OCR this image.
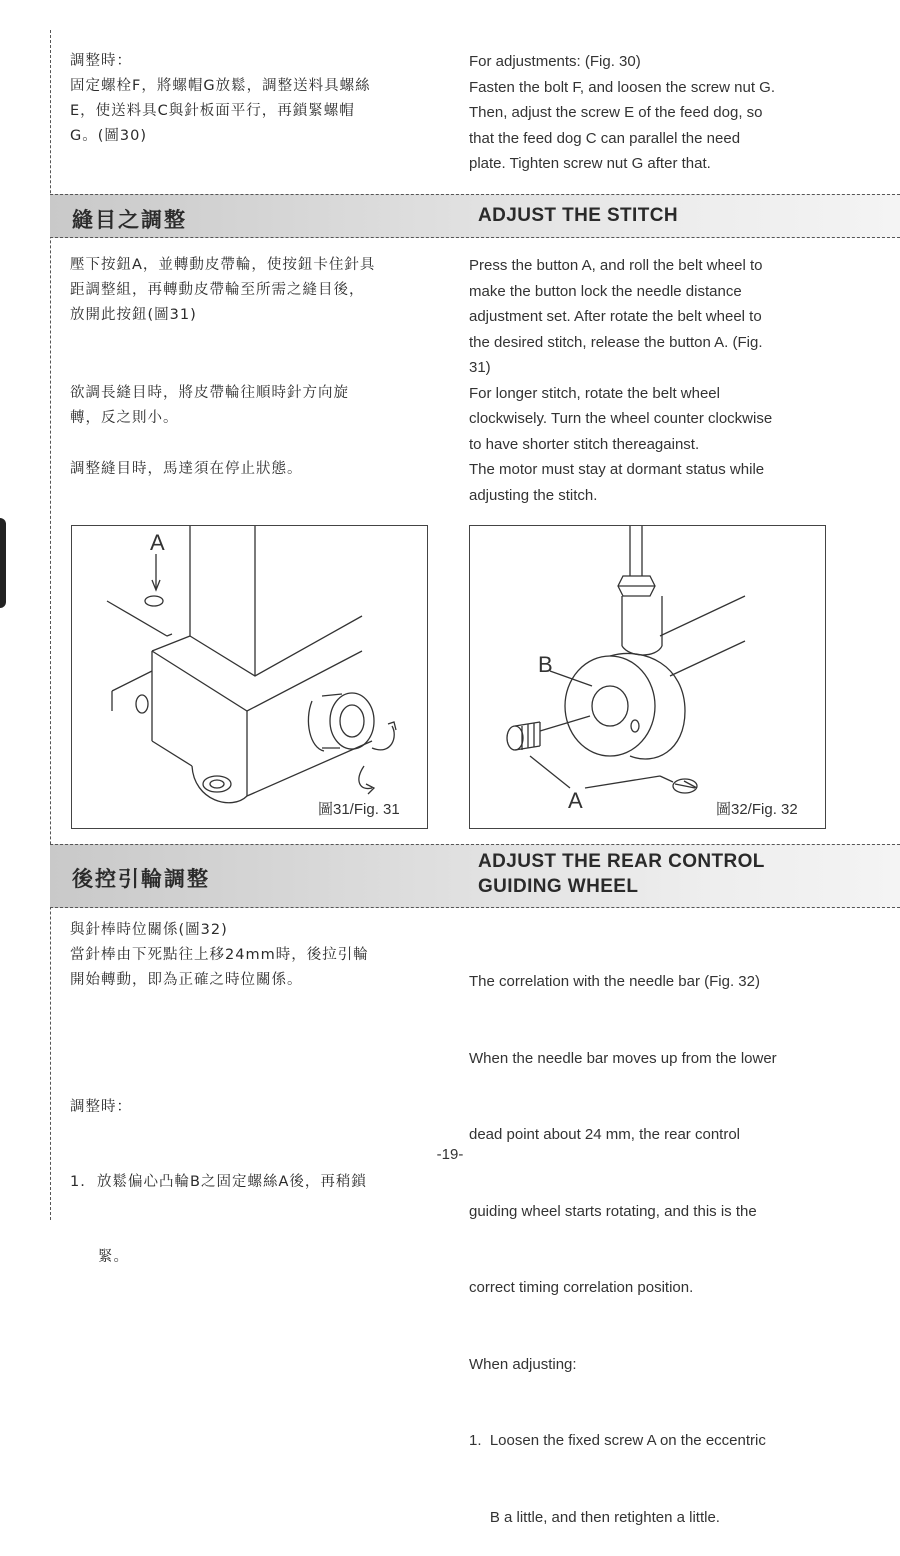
調整時：

固定螺栓F，將螺帽G放鬆，調整送料具螺絲

E，使送料具C與針板面平行，再鎖緊螺帽

G。(圖30)

For adjustments: (Fig. 30)

Fasten the bolt F, and loosen the screw nut G.

Then, adjust the screw E of the feed dog, so

that the feed dog C can parallel the need

plate. Tighten screw nut G after that.

縫目之調整	ADJUST THE STITCH

壓下按鈕A，並轉動皮帶輪，使按鈕卡住針具

距調整組，再轉動皮帶輪至所需之縫目後，

放開此按鈕(圖31)

欲調長縫目時，將皮帶輪往順時針方向旋

轉，反之則小。

調整縫目時，馬達須在停止狀態。

Press the button A, and roll the belt wheel to

make the button lock the needle distance

adjustment set. After rotate the belt wheel to

the desired stitch, release the button A. (Fig.

31)

For longer stitch, rotate the belt wheel

clockwisely. Turn the wheel counter clockwise

to have shorter stitch thereagainst.

The motor must stay at dormant status while

adjusting the stitch.

A
圖31/Fig. 31
B
A	圖32/Fig. 32
後控引輪調整
ADJUST THE REAR CONTROL
GUIDING WHEEL

與針棒時位關係(圖32)

當針棒由下死點往上移24mm時，後拉引輪

開始轉動，即為正確之時位關係。

調整時：

1.  放鬆偏心凸輪B之固定螺絲A後，再稍鎖

緊。

The correlation with the needle bar (Fig. 32)

When the needle bar moves up from the lower

dead point about 24 mm, the rear control

guiding wheel starts rotating, and this is the

correct timing correlation position.

When adjusting:

1.  Loosen the fixed screw A on the eccentric

B a little, and then retighten a little.

-19-
